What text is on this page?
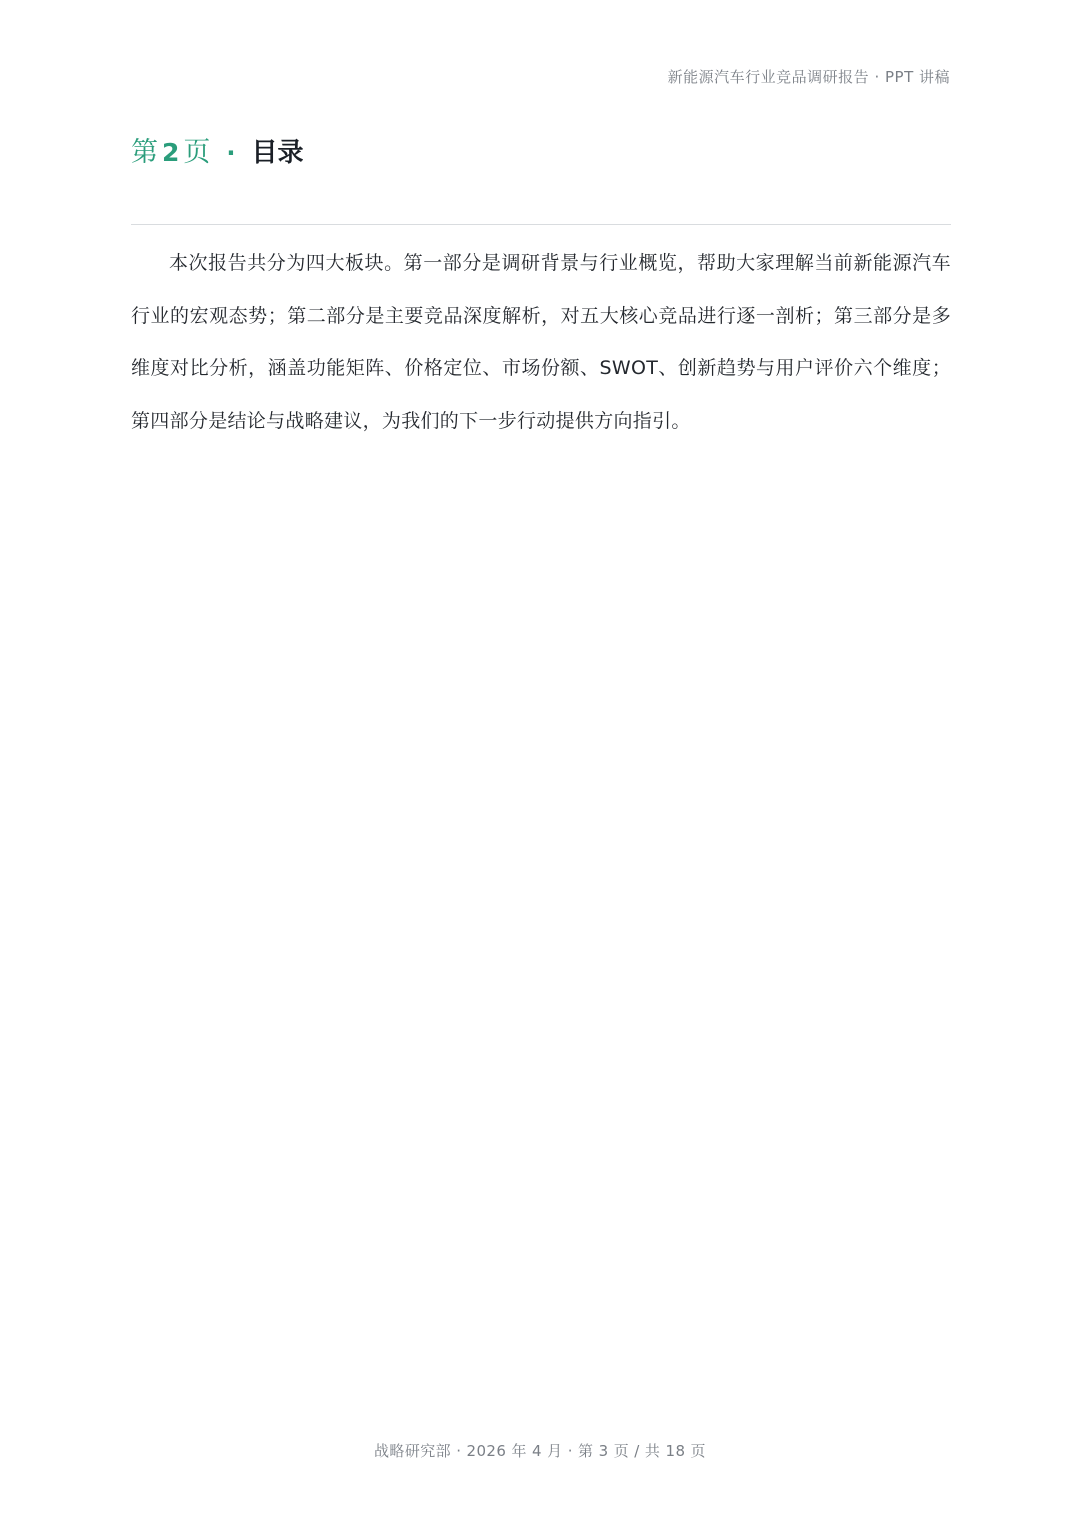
新能源汽车行业竞品调研报告 · PPT 讲稿
第 2 页 · 目录

本次报告共分为四大板块。第一部分是调研背景与行业概览，帮助大家理解当前新能源汽车行业的宏观态势；第二部分是主要竞品深度解析，对五大核心竞品进行逐一剖析；第三部分是多维度对比分析，涵盖功能矩阵、价格定位、市场份额、SWOT、创新趋势与用户评价六个维度；第四部分是结论与战略建议，为我们的下一步行动提供方向指引。

战略研究部 · 2026 年 4 月 · 第 3 页 / 共 18 页
